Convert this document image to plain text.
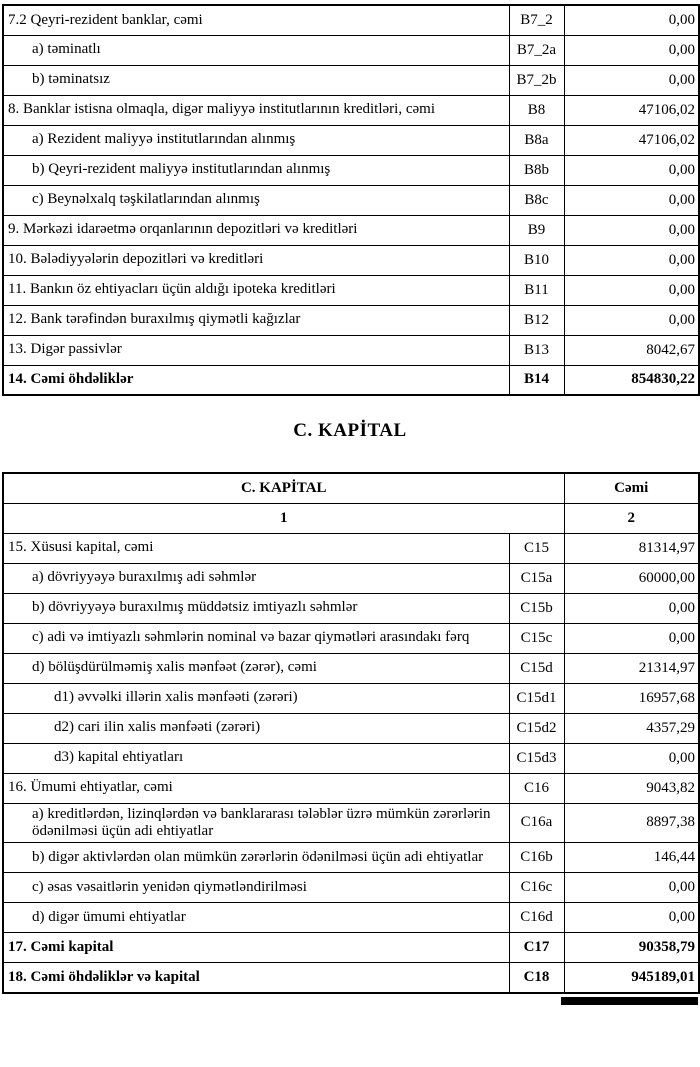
7.2 Qeyri-rezident banklar, cəmi	B7_2	0,00
a) təminatlı	B7_2a	0,00
b) təminatsız	B7_2b	0,00
8. Banklar istisna olmaqla, digər maliyyə institutlarının kreditləri, cəmi	B8	47106,02
a) Rezident maliyyə institutlarından alınmış	B8a	47106,02
b) Qeyri-rezident maliyyə institutlarından alınmış	B8b	0,00
c) Beynəlxalq təşkilatlarından alınmış	B8c	0,00
9. Mərkəzi idarəetmə orqanlarının depozitləri və kreditləri	B9	0,00
10. Bələdiyyələrin depozitləri və kreditləri	B10	0,00
11. Bankın öz ehtiyacları üçün aldığı ipoteka kreditləri	B11	0,00
12. Bank tərəfindən buraxılmış qiymətli kağızlar	B12	0,00
13. Digər passivlər	B13	8042,67
14. Cəmi öhdəliklər	B14	854830,22
C. KAPİTAL
C. KAPİTAL		Cəmi
1		2
15. Xüsusi kapital, cəmi	C15	81314,97
a) dövriyyəyə buraxılmış adi səhmlər	C15a	60000,00
b) dövriyyəyə buraxılmış müddətsiz imtiyazlı səhmlər	C15b	0,00
c) adi və imtiyazlı səhmlərin nominal və bazar qiymətləri arasındakı fərq	C15c	0,00
d) bölüşdürülməmiş xalis mənfəət (zərər), cəmi	C15d	21314,97
d1) əvvəlki illərin xalis mənfəəti (zərəri)	C15d1	16957,68
d2) cari ilin xalis mənfəəti (zərəri)	C15d2	4357,29
d3) kapital ehtiyatları	C15d3	0,00
16. Ümumi ehtiyatlar, cəmi	C16	9043,82
a) kreditlərdən, lizinqlərdən və banklararası tələblər üzrə mümkün zərərlərin ödənilməsi üçün adi ehtiyatlar	C16a	8897,38
b) digər aktivlərdən olan mümkün zərərlərin ödənilməsi üçün adi ehtiyatlar	C16b	146,44
c) əsas vəsaitlərin yenidən qiymətləndirilməsi	C16c	0,00
d) digər ümumi ehtiyatlar	C16d	0,00
17. Cəmi kapital	C17	90358,79
18. Cəmi öhdəliklər və kapital	C18	945189,01
